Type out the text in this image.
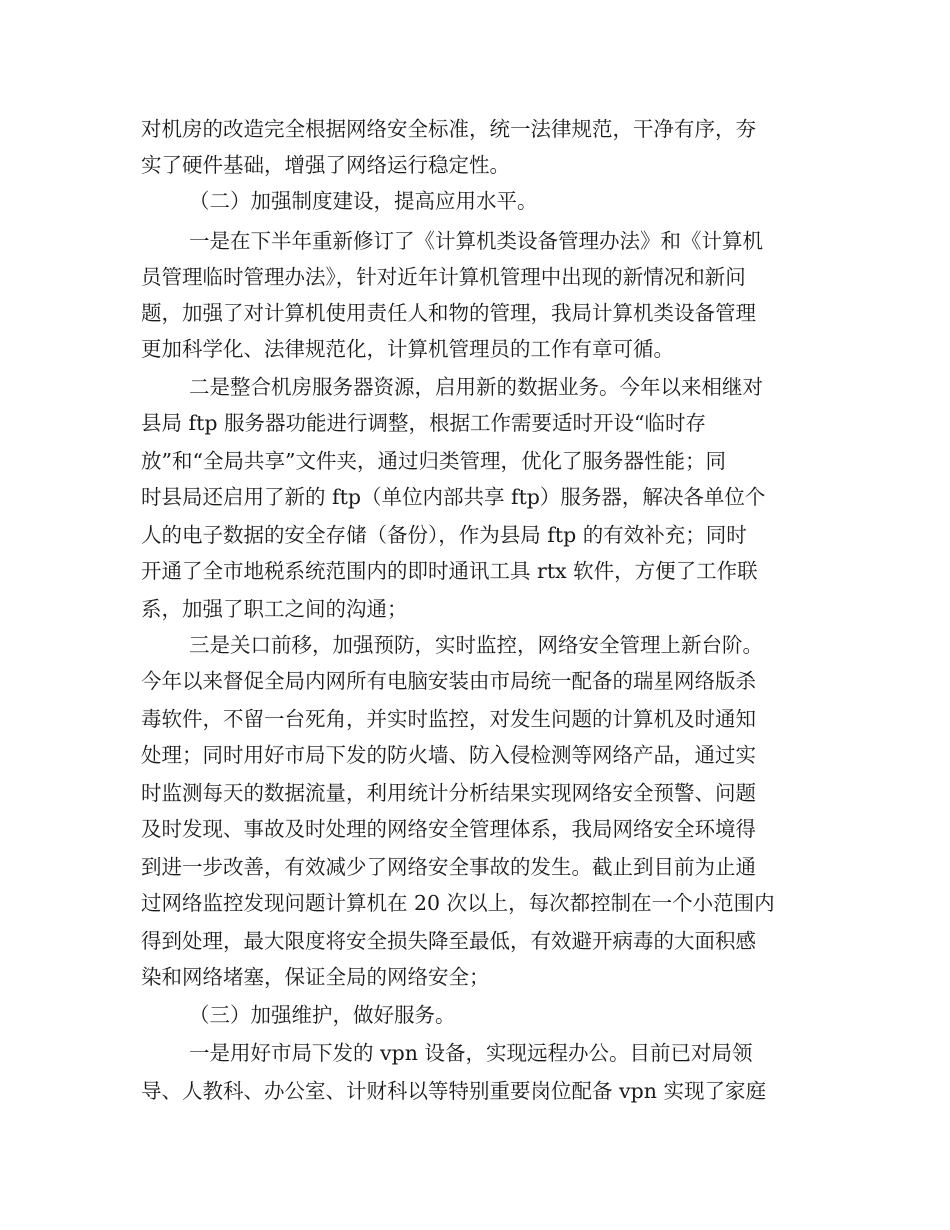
对机房的改造完全根据网络安全标准，统一法律规范，干净有序，夯

实了硬件基础，增强了网络运行稳定性。

（二）加强制度建设，提高应用水平。

一是在下半年重新修订了《计算机类设备管理办法》和《计算机

员管理临时管理办法》，针对近年计算机管理中出现的新情况和新问

题，加强了对计算机使用责任人和物的管理，我局计算机类设备管理

更加科学化、法律规范化，计算机管理员的工作有章可循。

二是整合机房服务器资源，启用新的数据业务。今年以来相继对

县局 ftp 服务器功能进行调整，根据工作需要适时开设“临时存

放”和“全局共享”文件夹，通过归类管理，优化了服务器性能；同

时县局还启用了新的 ftp（单位内部共享 ftp）服务器，解决各单位个

人的电子数据的安全存储（备份），作为县局 ftp 的有效补充；同时

开通了全市地税系统范围内的即时通讯工具 rtx 软件，方便了工作联

系，加强了职工之间的沟通；

三是关口前移，加强预防，实时监控，网络安全管理上新台阶。

今年以来督促全局内网所有电脑安装由市局统一配备的瑞星网络版杀

毒软件，不留一台死角，并实时监控，对发生问题的计算机及时通知

处理；同时用好市局下发的防火墙、防入侵检测等网络产品，通过实

时监测每天的数据流量，利用统计分析结果实现网络安全预警、问题

及时发现、事故及时处理的网络安全管理体系，我局网络安全环境得

到进一步改善，有效减少了网络安全事故的发生。截止到目前为止通

过网络监控发现问题计算机在 20 次以上，每次都控制在一个小范围内

得到处理，最大限度将安全损失降至最低，有效避开病毒的大面积感

染和网络堵塞，保证全局的网络安全；

（三）加强维护，做好服务。

一是用好市局下发的 vpn 设备，实现远程办公。目前已对局领

导、人教科、办公室、计财科以等特别重要岗位配备 vpn 实现了家庭
